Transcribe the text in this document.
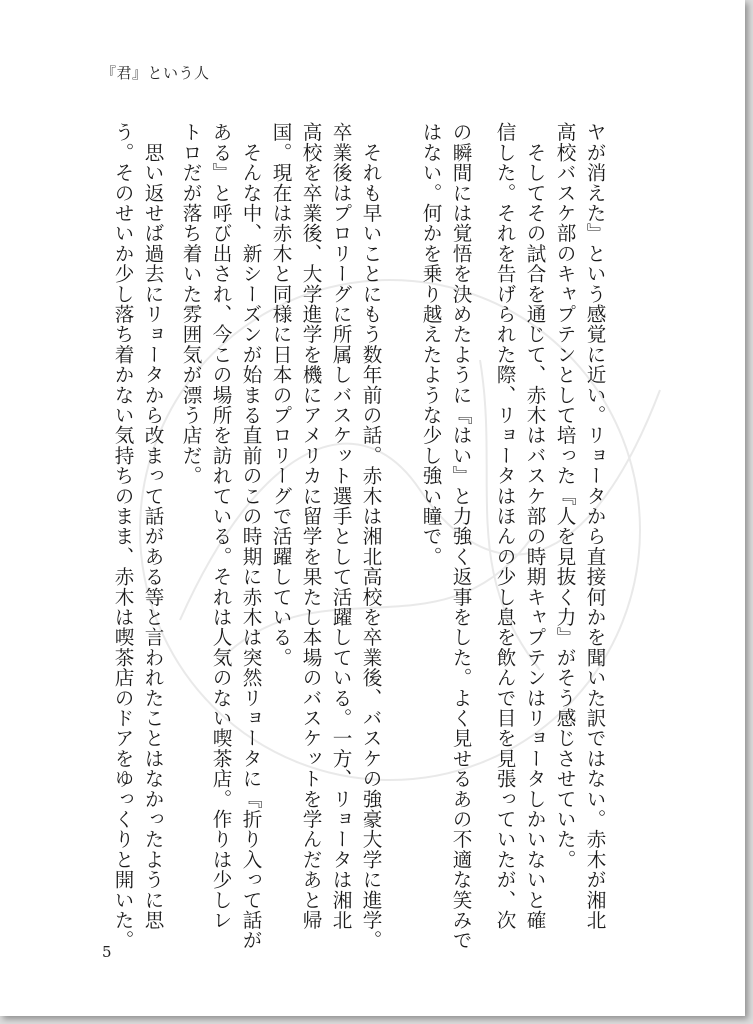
『君』という人
ヤが消えた』という感覚に近い。リョータから直接何かを聞いた訳ではない。赤木が湘北
高校バスケ部のキャプテンとして培った『人を見抜く力』がそう感じさせていた。
　そしてその試合を通じて、赤木はバスケ部の時期キャプテンはリョータしかいないと確
信した。それを告げられた際、リョータはほんの少し息を飲んで目を見張っていたが、次
の瞬間には覚悟を決めたように『はい』と力強く返事をした。よく見せるあの不適な笑みで
はない。何かを乗り越えたような少し強い瞳で。
　それも早いことにもう数年前の話。赤木は湘北高校を卒業後、バスケの強豪大学に進学。
卒業後はプロリーグに所属しバスケット選手として活躍している。一方、リョータは湘北
高校を卒業後、大学進学を機にアメリカに留学を果たし本場のバスケットを学んだあと帰
国。現在は赤木と同様に日本のプロリーグで活躍している。
　そんな中、新シーズンが始まる直前のこの時期に赤木は突然リョータに『折り入って話が
ある』と呼び出され、今この場所を訪れている。それは人気のない喫茶店。作りは少しレ
トロだが落ち着いた雰囲気が漂う店だ。
　思い返せば過去にリョータから改まって話がある等と言われたことはなかったように思
う。そのせいか少し落ち着かない気持ちのまま、赤木は喫茶店のドアをゆっくりと開いた。
5
